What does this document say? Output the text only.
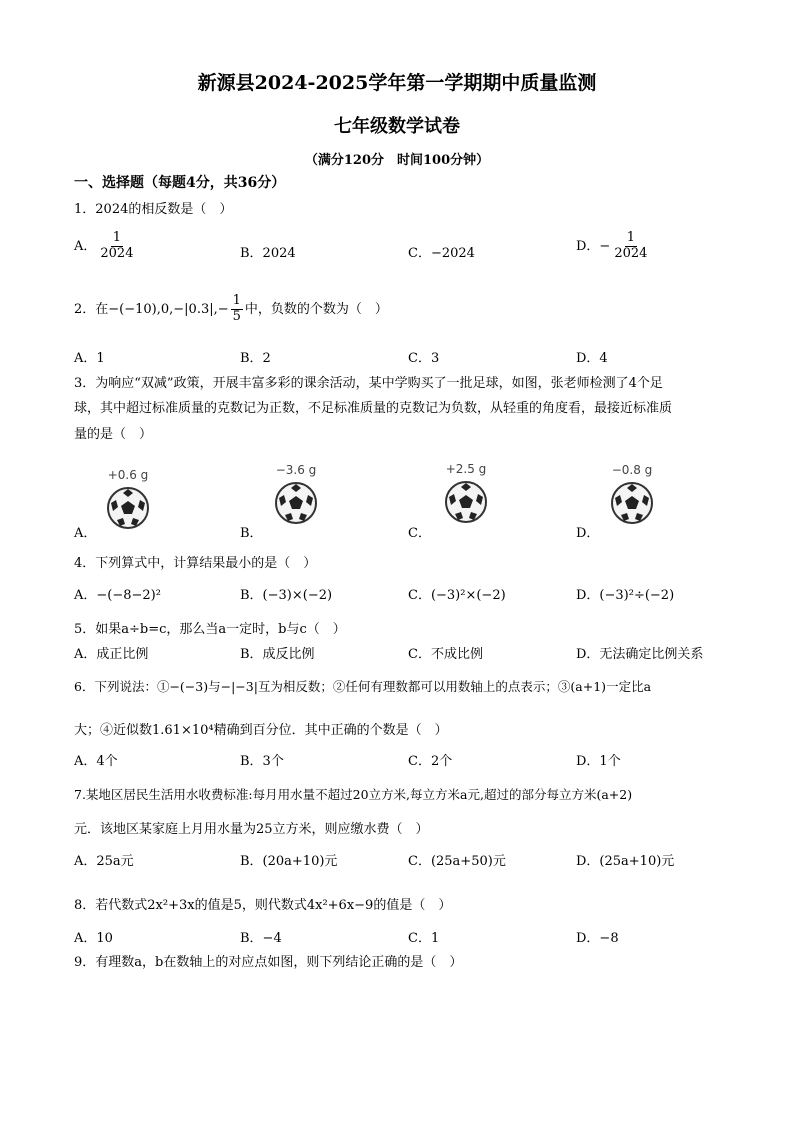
新源县2024-2025学年第一学期期中质量监测
七年级数学试卷
（满分120分　时间100分钟）
一、选择题（每题4分，共36分）
1．2024的相反数是（　）
A． $\frac{1}{2024}$	B．2024	C．−2024	D．− $\frac{1}{2024}$
2．在$-(-10),0,-|0.3|,- \frac{1}{5}$ 中，负数的个数为（　）
A．1	B．2	C．3	D．4
3．为响应“双减”政策，开展丰富多彩的课余活动，某中学购买了一批足球，如图，张老师检测了4个足
球，其中超过标准质量的克数记为正数，不足标准质量的克数记为负数，从轻重的角度看，最接近标准质
量的是（　）
A．	B．	C．	D．
+0.6 g	−3.6 g	+2.5 g	−0.8 g
4．下列算式中，计算结果最小的是（　）
A．−(−8−2)²	B．(−3)×(−2)	C．(−3)²×(−2)	D．(−3)²÷(−2)
5．如果a÷b=c，那么当a一定时，b与c（　）
A．成正比例	B．成反比例	C．不成比例	D．无法确定比例关系
6．下列说法：①−(−3)与−|−3|互为相反数；②任何有理数都可以用数轴上的点表示；③(a+1)一定比a
大；④近似数1.61×10⁴精确到百分位．其中正确的个数是（　）
A．4个	B．3个	C．2个	D．1个
7.某地区居民生活用水收费标准:每月用水量不超过20立方米,每立方米a元,超过的部分每立方米(a+2)
元．该地区某家庭上月用水量为25立方米，则应缴水费（　）
A．25a元	B．(20a+10)元	C．(25a+50)元	D．(25a+10)元
8．若代数式2x²+3x的值是5，则代数式4x²+6x−9的值是（　）
A．10	B．−4	C．1	D．−8
9．有理数a，b在数轴上的对应点如图，则下列结论正确的是（　）
